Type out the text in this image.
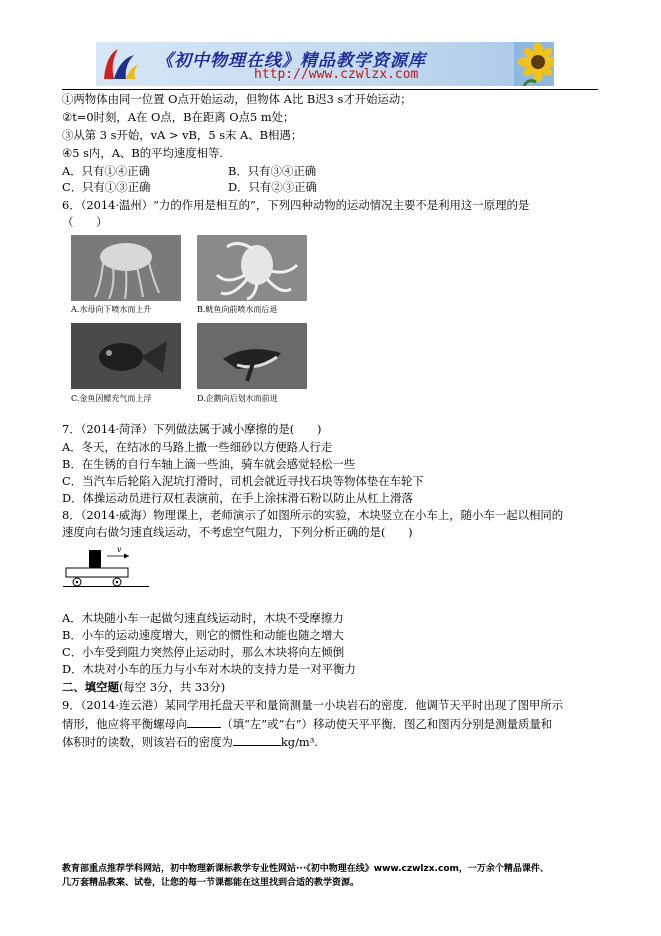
《初中物理在线》精品教学资源库
http://www.czwlzx.com
①两物体由同一位置 O点开始运动，但物体 A比 B迟3 s才开始运动；
②t=0时刻，A在 O点，B在距离 O点5 m处；
③从第 3 s开始，vA > vB，5 s末 A、B相遇；
④5 s内，A、B的平均速度相等.
A．只有①④正确	B．只有③④正确
C．只有①③正确	D．只有②③正确
6．（2014·温州）“力的作用是相互的”，下列四种动物的运动情况主要不是利用这一原理的是
（　　）
A.水母向下喷水而上升	B.鱿鱼向前喷水而后退
C.金鱼因鳔充气而上浮	D.企鹅向后划水而前进
7．（2014·菏泽）下列做法属于减小摩擦的是(　　)
A．冬天，在结冰的马路上撒一些细砂以方便路人行走
B．在生锈的自行车轴上滴一些油，骑车就会感觉轻松一些
C．当汽车后轮陷入泥坑打滑时，司机会就近寻找石块等物体垫在车轮下
D．体操运动员进行双杠表演前，在手上涂抹滑石粉以防止从杠上滑落
8．（2014·威海）物理课上，老师演示了如图所示的实验，木块竖立在小车上，随小车一起以相同的
速度向右做匀速直线运动，不考虑空气阻力，下列分析正确的是(　　)
v
A．木块随小车一起做匀速直线运动时，木块不受摩擦力
B．小车的运动速度增大，则它的惯性和动能也随之增大
C．小车受到阻力突然停止运动时，那么木块将向左倾倒
D．木块对小车的压力与小车对木块的支持力是一对平衡力
二、填空题(每空 3分，共 33分)
9．（2014·连云港）某同学用托盘天平和量筒测量一小块岩石的密度．他调节天平时出现了图甲所示
情形，他应将平衡螺母向	（填“左”或“右”）移动使天平平衡．图乙和图丙分别是测量质量和
体积时的读数，则该岩石的密度为	kg/m³.
教育部重点推荐学科网站，初中物理新课标教学专业性网站···《初中物理在线》www.czwlzx.com，一万余个精品课件、
几万套精品教案、试卷，让您的每一节课都能在这里找到合适的教学资源。
